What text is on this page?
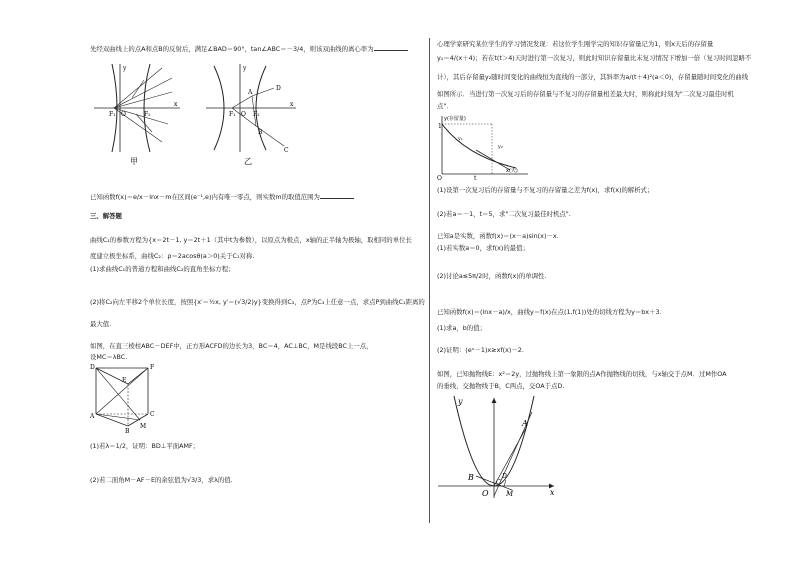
先经双曲线上的点A和点B的反射后，满足∠BAD＝90°，tan∠ABC＝－3/4，则该双曲线的离心率为
F₁ O	F₂
x
y
甲
F₁ O F₂
A
D
B
C
x
y
乙
已知函数f(x)＝e/x－lnx－m在区间(e⁻¹,e)内有唯一零点，则实数m的取值范围为
三、解答题
曲线C₁的参数方程为{x＝2t－1, y＝2t＋1（其中t为参数），以原点为极点，x轴的正半轴为极轴，取相同的单位长
度建立极坐标系，曲线C₂：ρ＝2acosθ(a＞0)关于C₁对称.
(1)求曲线C₁的普通方程和曲线C₂的直角坐标方程；
(2)将C₂向左平移2个单位长度，按照{x′＝½x, y′＝(√3/2)y}变换得到C₃，点P为C₃上任意一点，求点P到曲线C₁距离的
最大值.
如图，在直三棱柱ABC－DEF中，正方形ACFD的边长为3，BC＝4，AC⊥BC，M是线段BC上一点，
设MC＝λBC.
D	F
E
A	C
M
B
(1)若λ＝1/2，证明：BD⊥平面AMF；
(2)若二面角M－AF－E的余弦值为√3/3，求λ的值.
心理学家研究某位学生的学习情况发现：若这位学生刚学完的知识存留量记为1，则x天后的存留量
y₁＝4/(x＋4)；若在t(t＞4)天时进行第一次复习，则此时知识存留量比未复习情况下增加一倍（复习时间忽略不
计），其后存留量y₂随时间变化的曲线恒为直线的一部分，其斜率为a/(t＋4)²(a＜0)，存留量随时间变化的曲线
如图所示．当进行第一次复习后的存留量与不复习的存留量相差最大时，则称此时刻为"二次复习最佳时机
点"．
1
O	t
y₁
y₂
y(存留量)
x(天)
(1)设第一次复习后的存留量与不复习的存留量之差为f(x)，求f(x)的解析式；
(2)若a＝－1，t＝5，求"二次复习最佳时机点".
已知a是实数，函数f(x)＝(x－a)sin(x)－x.
(1)若实数a＝0，求f(x)的最值；
(2)讨论a≤5π/2时，函数f(x)的单调性.
已知函数f(x)＝(lnx－a)/x，曲线y＝f(x)在点(1,f(1))处的切线方程为y＝bx＋3.
(1)求a，b的值；
(2)证明：(eˣ－1)x≥xf(x)－2.
如图，已知抛物线E：x²＝2y，过抛物线上第一象限的点A作抛物线的切线，与x轴交于点M．过M作OA
的垂线，交抛物线于B，C两点，交OA于点D.
y
x
A
B
C
D
O M
